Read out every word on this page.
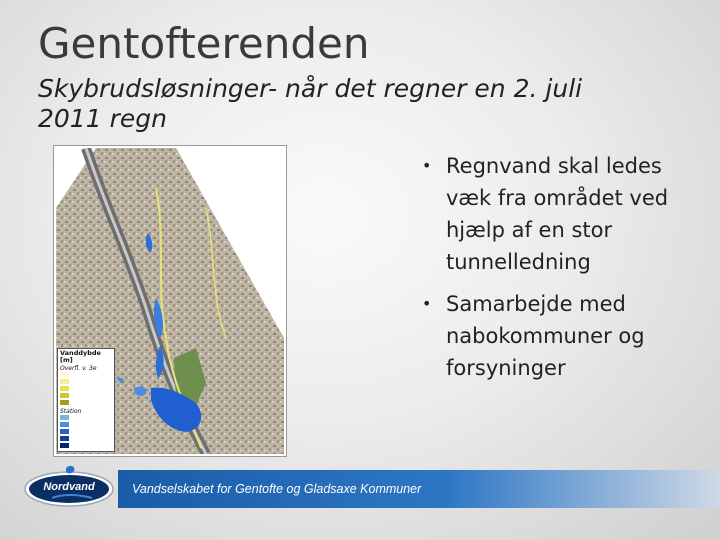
Gentofterenden
Skybrudsløsninger- når det regner en 2. juli 2011 regn
Vanddybde [m]
Overfl. v. 3e
Station
• Regnvand skal ledes væk fra området ved hjælp af en stor tunnelledning
• Samarbejde med nabokommuner og forsyninger
Vandselskabet for Gentofte og Gladsaxe Kommuner
Nordvand
